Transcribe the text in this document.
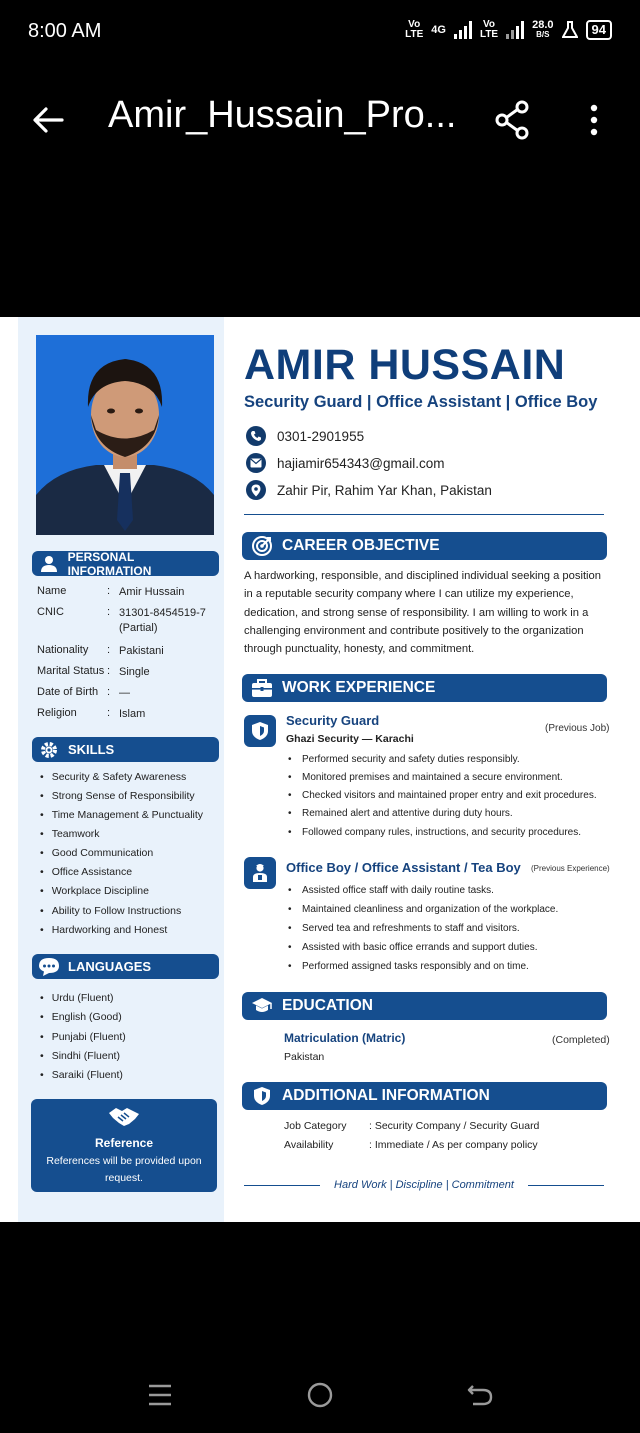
8:00 AM	Vo
LTE 4G	Vo
LTE
28.0
B/S	94
Amir_Hussain_Pro...
PERSONAL INFORMATION
Name	: Amir Hussain
CNIC	: 31301-8454519-7 (Partial)
Nationality	: Pakistani
Marital Status : Single
Date of Birth : —
Religion	: Islam
SKILLS
• Security & Safety Awareness
• Strong Sense of Responsibility
• Time Management & Punctuality
• Teamwork
• Good Communication
• Office Assistance
• Workplace Discipline
• Ability to Follow Instructions
• Hardworking and Honest
LANGUAGES
• Urdu (Fluent)
• English (Good)
• Punjabi (Fluent)
• Sindhi (Fluent)
• Saraiki (Fluent)
Reference
References will be provided upon request.
AMIR HUSSAIN
Security Guard | Office Assistant | Office Boy
0301-2901955
hajiamir654343@gmail.com
Zahir Pir, Rahim Yar Khan, Pakistan
CAREER OBJECTIVE
A hardworking, responsible, and disciplined individual seeking a position in a reputable security company where I can utilize my experience, dedication, and strong sense of responsibility. I am willing to work in a challenging environment and contribute positively to the organization through punctuality, honesty, and commitment.
WORK EXPERIENCE
Security Guard
Ghazi Security — Karachi
(Previous Job)
• Performed security and safety duties responsibly.
• Monitored premises and maintained a secure environment.
• Checked visitors and maintained proper entry and exit procedures.
• Remained alert and attentive during duty hours.
• Followed company rules, instructions, and security procedures.
Office Boy / Office Assistant / Tea Boy (Previous Experience)
• Assisted office staff with daily routine tasks.
• Maintained cleanliness and organization of the workplace.
• Served tea and refreshments to staff and visitors.
• Assisted with basic office errands and support duties.
• Performed assigned tasks responsibly and on time.
EDUCATION
Matriculation (Matric)	(Completed)
Pakistan
ADDITIONAL INFORMATION
Job Category	: Security Company / Security Guard
Availability	: Immediate / As per company policy
Hard Work | Discipline | Commitment
